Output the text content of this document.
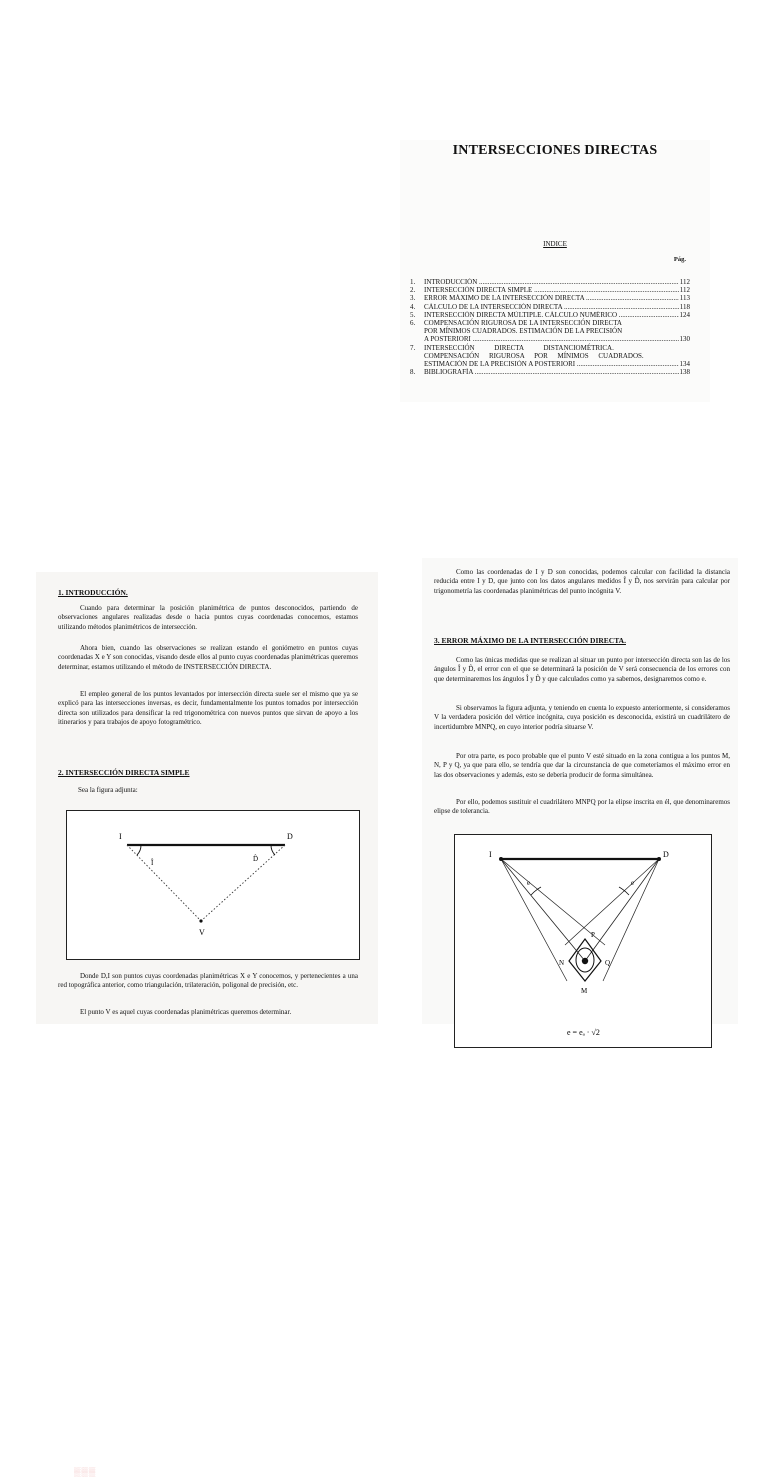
INTERSECCIONES DIRECTAS
INDICE
Pág.
1.	INTRODUCCIÓN .....	112
2.	INTERSECCIÓN DIRECTA SIMPLE .....	112
3.	ERROR MÁXIMO DE LA INTERSECCIÓN DIRECTA .....	113
4.	CÁLCULO DE LA INTERSECCIÓN DIRECTA .....	118
5.	INTERSECCIÓN DIRECTA MÚLTIPLE. CÁLCULO NUMÉRICO .....	124
6.	COMPENSACIÓN RIGUROSA DE LA INTERSECCIÓN DIRECTA
POR MÍNIMOS CUADRADOS. ESTIMACIÓN DE LA PRECISIÓN
A POSTERIORI .....	130
7.	INTERSECCIÓN DIRECTA DISTANCIOMÉTRICA.
COMPENSACIÓN RIGUROSA POR MÍNIMOS CUADRADOS.
ESTIMACIÓN DE LA PRECISIÓN A POSTERIORI .....	134
8.	BIBLIOGRAFÍA .....	138
1. INTRODUCCIÓN.
Cuando para determinar la posición planimétrica de puntos desconocidos, partiendo de observaciones angulares realizadas desde o hacia puntos cuyas coordenadas conocemos, estamos utilizando métodos planimétricos de intersección.
Ahora bien, cuando las observaciones se realizan estando el goniómetro en puntos cuyas coordenadas X e Y son conocidas, visando desde ellos al punto cuyas coordenadas planimétricas queremos determinar, estamos utilizando el método de INSTERSECCIÓN DIRECTA.
El empleo general de los puntos levantados por intersección directa suele ser el mismo que ya se explicó para las intersecciones inversas, es decir, fundamentalmente los puntos tomados por intersección directa son utilizados para densificar la red trigonométrica con nuevos puntos que sirvan de apoyo a los itinerarios y para trabajos de apoyo fotogramétrico.
2. INTERSECCIÓN DIRECTA SIMPLE
Sea la figura adjunta:
I	D
Î	D̂
V
▒▒▒
Donde D,I son puntos cuyas coordenadas planimétricas X e Y conocemos, y pertenecientes a una red topográfica anterior, como triangulación, trilateración, poligonal de precisión, etc.
El punto V es aquel cuyas coordenadas planimétricas queremos determinar.
Como las coordenadas de I y D son conocidas, podemos calcular con facilidad la distancia reducida entre I y D, que junto con los datos angulares medidos Î y D̂, nos servirán para calcular por trigonometría las coordenadas planimétricas del punto incógnita V.
3. ERROR MÁXIMO DE LA INTERSECCIÓN DIRECTA.
Como las únicas medidas que se realizan al situar un punto por intersección directa son las de los ángulos Î y D̂, el error con el que se determinará la posición de V será consecuencia de los errores con que determinaremos los ángulos Î y D̂ y que calculados como ya sabemos, designaremos como e.
Si observamos la figura adjunta, y teniendo en cuenta lo expuesto anteriormente, si consideramos V la verdadera posición del vértice incógnita, cuya posición es desconocida, existirá un cuadrilátero de incertidumbre MNPQ, en cuyo interior podría situarse V.
Por otra parte, es poco probable que el punto V esté situado en la zona contigua a los puntos M, N, P y Q, ya que para ello, se tendría que dar la circunstancia de que cometeríamos el máximo error en las dos observaciones y además, esto se debería producir de forma simultánea.
Por ello, podemos sustituir el cuadrilátero MNPQ por la elipse inscrita en él, que denominaremos elipse de tolerancia.
I	D
P
N	Q
M
e	e
e = eₐ · √2
